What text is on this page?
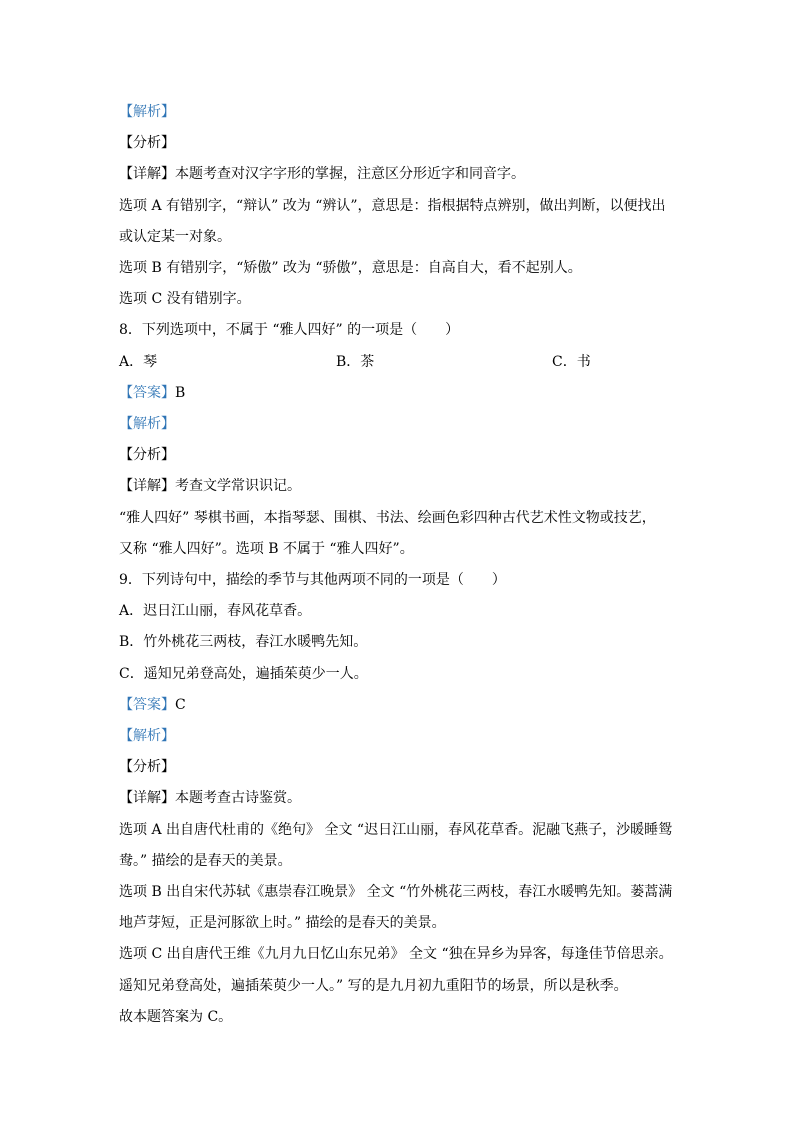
【解析】
【分析】
【详解】本题考查对汉字字形的掌握，注意区分形近字和同音字。
选项 A 有错别字，“辩认” 改为 “辨认”，意思是：指根据特点辨别，做出判断，以便找出
或认定某一对象。
选项 B 有错别字，“矫傲” 改为 “骄傲”，意思是：自高自大，看不起别人。
选项 C 没有错别字。
8．下列选项中，不属于 “雅人四好” 的一项是（　　）
A．琴	B．茶	C．书
【答案】B
【解析】
【分析】
【详解】考查文学常识识记。
“雅人四好” 琴棋书画，本指琴瑟、围棋、书法、绘画色彩四种古代艺术性文物或技艺，
又称 “雅人四好”。选项 B 不属于 “雅人四好”。
9．下列诗句中，描绘的季节与其他两项不同的一项是（　　）
A．迟日江山丽，春风花草香。
B．竹外桃花三两枝，春江水暖鸭先知。
C．遥知兄弟登高处，遍插茱萸少一人。
【答案】C
【解析】
【分析】
【详解】本题考查古诗鉴赏。
选项 A 出自唐代杜甫的《绝句》 全文 “迟日江山丽，春风花草香。泥融飞燕子，沙暖睡鸳
鸯。” 描绘的是春天的美景。
选项 B 出自宋代苏轼《惠崇春江晚景》 全文 “竹外桃花三两枝，春江水暖鸭先知。蒌蒿满
地芦芽短，正是河豚欲上时。” 描绘的是春天的美景。
选项 C 出自唐代王维《九月九日忆山东兄弟》 全文 “独在异乡为异客，每逢佳节倍思亲。
遥知兄弟登高处，遍插茱萸少一人。” 写的是九月初九重阳节的场景，所以是秋季。
故本题答案为 C。
